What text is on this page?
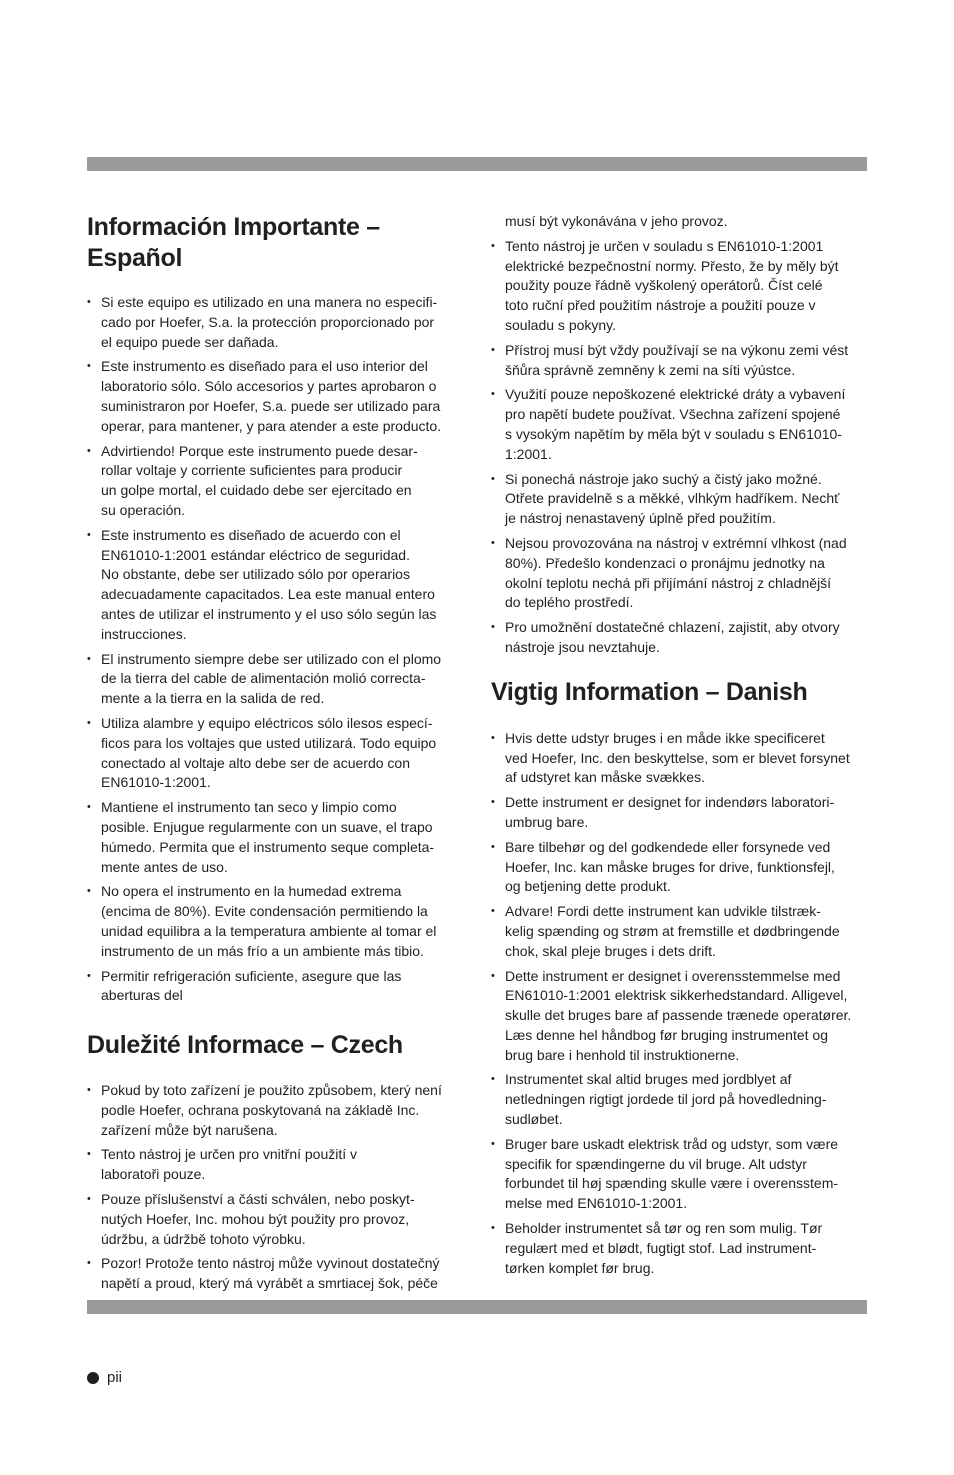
Información Importante –
Español
• Si este equipo es utilizado en una manera no especifi-
cado por Hoefer, S.a. la protección proporcionado por
el equipo puede ser dañada.
• Este instrumento es diseñado para el uso interior del
laboratorio sólo. Sólo accesorios y partes aprobaron o
suministraron por Hoefer, S.a. puede ser utilizado para
operar, para mantener, y para atender a este producto.
• Advirtiendo! Porque este instrumento puede desar-
rollar voltaje y corriente suficientes para producir
un golpe mortal, el cuidado debe ser ejercitado en
su operación.
• Este instrumento es diseñado de acuerdo con el
EN61010-1:2001 estándar eléctrico de seguridad.
No obstante, debe ser utilizado sólo por operarios
adecuadamente capacitados. Lea este manual entero
antes de utilizar el instrumento y el uso sólo según las
instrucciones.
• El instrumento siempre debe ser utilizado con el plomo
de la tierra del cable de alimentación molió correcta-
mente a la tierra en la salida de red.
• Utiliza alambre y equipo eléctricos sólo ilesos especí-
ficos para los voltajes que usted utilizará. Todo equipo
conectado al voltaje alto debe ser de acuerdo con
EN61010-1:2001.
• Mantiene el instrumento tan seco y limpio como
posible. Enjugue regularmente con un suave, el trapo
húmedo. Permita que el instrumento seque completa-
mente antes de uso.
• No opera el instrumento en la humedad extrema
(encima de 80%). Evite condensación permitiendo la
unidad equilibra a la temperatura ambiente al tomar el
instrumento de un más frío a un ambiente más tibio.
• Permitir refrigeración suficiente, asegure que las
aberturas del
Duležité Informace – Czech
• Pokud by toto zařízení je použito způsobem, který není
podle Hoefer, ochrana poskytovaná na základě Inc.
zařízení může být narušena.
• Tento nástroj je určen pro vnitřní použití v
laboratoři pouze.
• Pouze příslušenství a části schválen, nebo poskyt-
nutých Hoefer, Inc. mohou být použity pro provoz,
údržbu, a údržbě tohoto výrobku.
• Pozor! Protože tento nástroj může vyvinout dostatečný
napětí a proud, který má vyrábět a smrtiacej šok, péče
musí být vykonávána v jeho provoz.
• Tento nástroj je určen v souladu s EN61010-1:2001
elektrické bezpečnostní normy. Přesto, že by měly být
použity pouze řádně vyškolený operátorů. Číst celé
toto ruční před použitím nástroje a použití pouze v
souladu s pokyny.
• Přístroj musí být vždy používají se na výkonu zemi vést
šňůra správně zemněny k zemi na síti výústce.
• Využití pouze nepoškozené elektrické dráty a vybavení
pro napětí budete používat. Všechna zařízení spojené
s vysokým napětím by měla být v souladu s EN61010-
1:2001.
• Si ponechá nástroje jako suchý a čistý jako možné.
Otřete pravidelně s a měkké, vlhkým hadříkem. Nechť
je nástroj nenastavený úplně před použitím.
• Nejsou provozována na nástroj v extrémní vlhkost (nad
80%). Předešlo kondenzaci o pronájmu jednotky na
okolní teplotu nechá při přijímání nástroj z chladnější
do teplého prostředí.
• Pro umožnění dostatečné chlazení, zajistit, aby otvory
nástroje jsou nevztahuje.
Vigtig Information – Danish
• Hvis dette udstyr bruges i en måde ikke specificeret
ved Hoefer, Inc. den beskyttelse, som er blevet forsynet
af udstyret kan måske svækkes.
• Dette instrument er designet for indendørs laboratori-
umbrug bare.
• Bare tilbehør og del godkendede eller forsynede ved
Hoefer, Inc. kan måske bruges for drive, funktionsfejl,
og betjening dette produkt.
• Advare! Fordi dette instrument kan udvikle tilstræk-
kelig spænding og strøm at fremstille et dødbringende
chok, skal pleje bruges i dets drift.
• Dette instrument er designet i overensstemmelse med
EN61010-1:2001 elektrisk sikkerhedstandard. Alligevel,
skulle det bruges bare af passende trænede operatører.
Læs denne hel håndbog før bruging instrumentet og
brug bare i henhold til instruktionerne.
• Instrumentet skal altid bruges med jordblyet af
netledningen rigtigt jordede til jord på hovedledning-
sudløbet.
• Bruger bare uskadt elektrisk tråd og udstyr, som være
specifik for spændingerne du vil bruge. Alt udstyr
forbundet til høj spænding skulle være i overensstem-
melse med EN61010-1:2001.
• Beholder instrumentet så tør og ren som mulig. Tør
regulært med et blødt, fugtigt stof. Lad instrument-
tørken komplet før brug.
pii
